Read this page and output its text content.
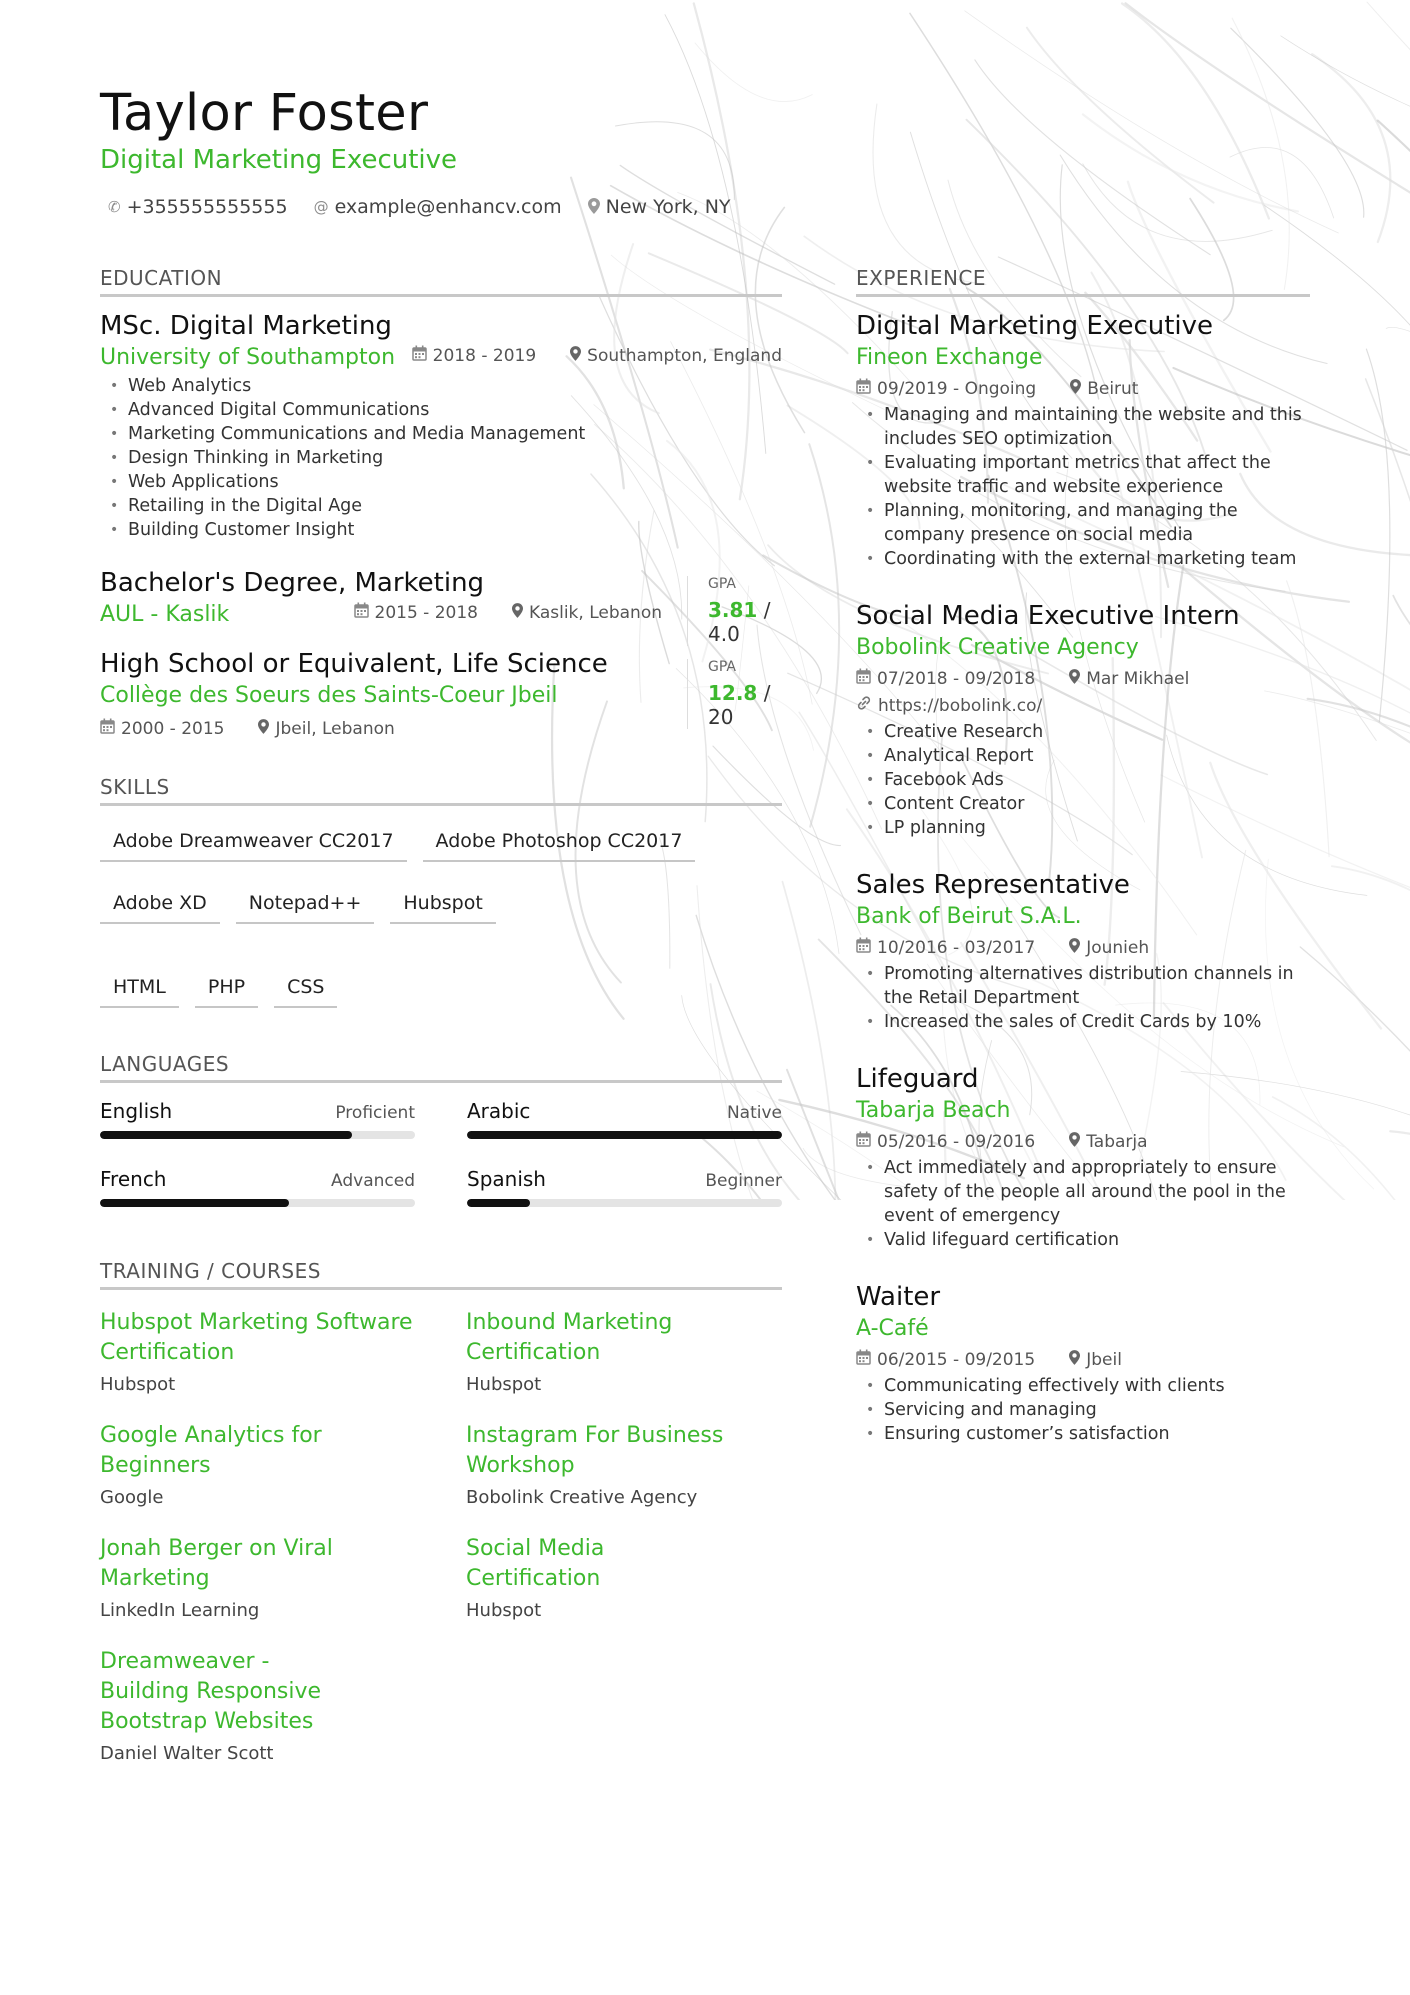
Taylor Foster
Digital Marketing Executive
✆ +355555555555 @ example@enhancv.com New York, NY
EDUCATION
MSc. Digital Marketing
University of Southampton 2018 - 2019	Southampton, England
• Web Analytics
• Advanced Digital Communications
• Marketing Communications and Media Management
• Design Thinking in Marketing
• Web Applications
• Retailing in the Digital Age
• Building Customer Insight
Bachelor's Degree, Marketing
AUL - Kaslik	2015 - 2018	Kaslik, Lebanon
GPA
3.81 / 4.0
High School or Equivalent, Life Science
Collège des Soeurs des Saints-Coeur Jbeil
2000 - 2015	Jbeil, Lebanon
GPA
12.8 / 20
SKILLS
Adobe Dreamweaver CC2017	Adobe Photoshop CC2017
Adobe XD	Notepad++	Hubspot
HTML	PHP	CSS
LANGUAGES
English	Proficient	Arabic	Native
French	Advanced	Spanish	Beginner
TRAINING / COURSES
Hubspot Marketing Software Certification
Hubspot
Inbound Marketing Certification
Hubspot
Google Analytics for Beginners
Google
Instagram For Business Workshop
Bobolink Creative Agency
Jonah Berger on Viral Marketing
LinkedIn Learning
Social Media Certification
Hubspot
Dreamweaver - Building Responsive Bootstrap Websites
Daniel Walter Scott
EXPERIENCE
Digital Marketing Executive
Fineon Exchange
09/2019 - Ongoing	Beirut
• Managing and maintaining the website and this includes SEO optimization
• Evaluating important metrics that affect the website traffic and website experience
• Planning, monitoring, and managing the company presence on social media
• Coordinating with the external marketing team
Social Media Executive Intern
Bobolink Creative Agency
07/2018 - 09/2018	Mar Mikhael
https://bobolink.co/
• Creative Research
• Analytical Report
• Facebook Ads
• Content Creator
• LP planning
Sales Representative
Bank of Beirut S.A.L.
10/2016 - 03/2017	Jounieh
• Promoting alternatives distribution channels in the Retail Department
• Increased the sales of Credit Cards by 10%
Lifeguard
Tabarja Beach
05/2016 - 09/2016	Tabarja
• Act immediately and appropriately to ensure safety of the people all around the pool in the event of emergency
• Valid lifeguard certification
Waiter
A-Café
06/2015 - 09/2015	Jbeil
• Communicating effectively with clients
• Servicing and managing
• Ensuring customer’s satisfaction
